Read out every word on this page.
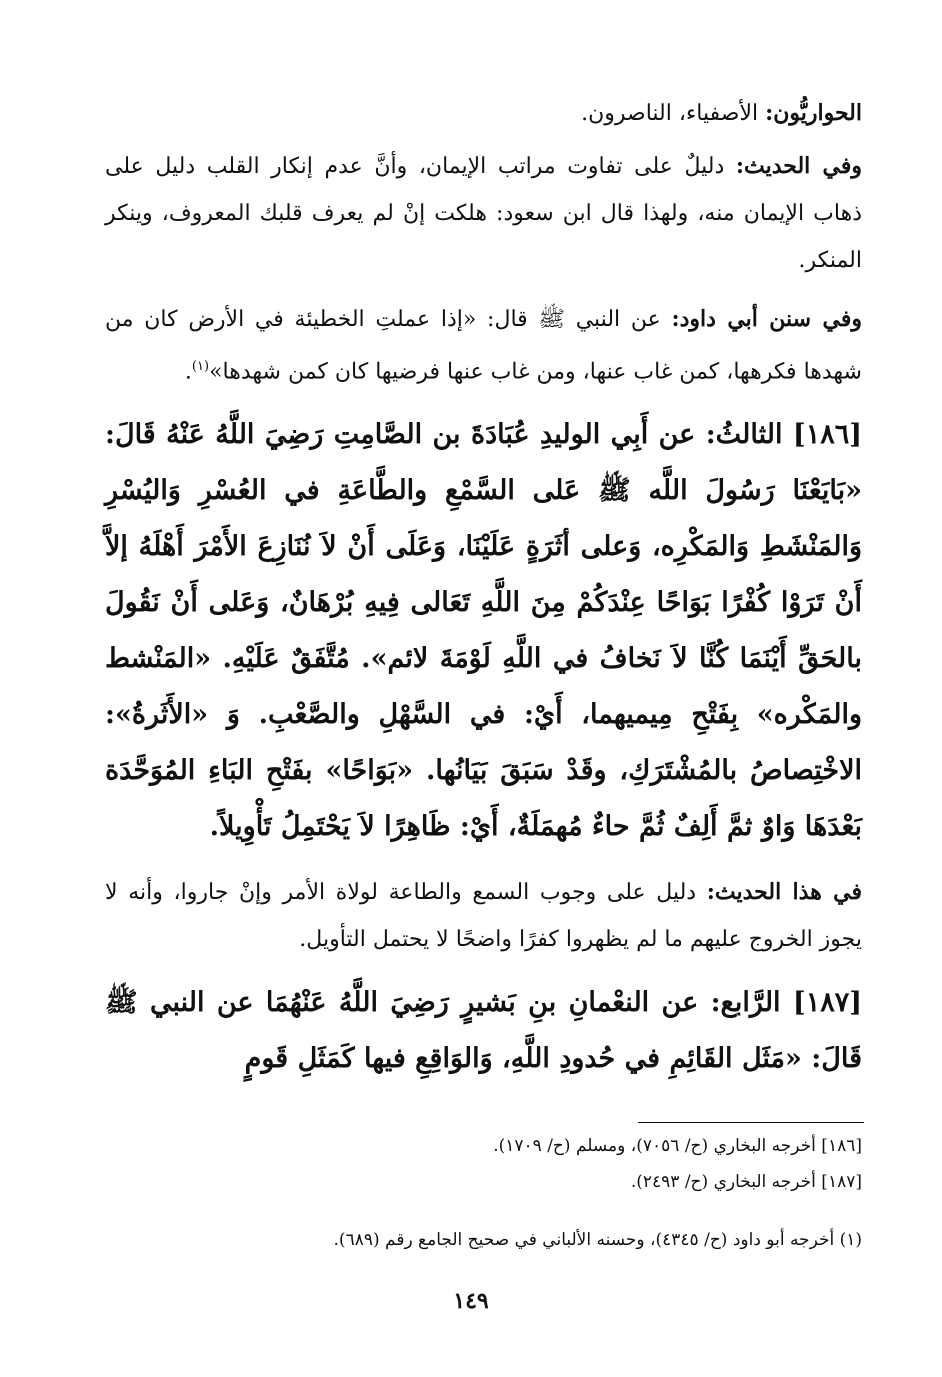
الحواريُّون: الأصفياء، الناصرون.

وفي الحديث: دليلٌ على تفاوت مراتب الإيمان، وأنَّ عدم إنكار القلب دليل على ذهاب الإيمان منه، ولهذا قال ابن سعود: هلكت إنْ لم يعرف قلبك المعروف، وينكر المنكر.

وفي سنن أبي داود: عن النبي ﷺ قال: «إذا عملتِ الخطيئة في الأرض كان من شهدها فكرهها، كمن غاب عنها، ومن غاب عنها فرضيها كان كمن شهدها»$^{(١)}$.

[١٨٦] الثالثُ: عن أَبِي الوليدِ عُبَادَةَ بن الصَّامِتِ رَضِيَ اللَّهُ عَنْهُ قَالَ: «بَايَعْنَا رَسُولَ اللَّه ﷺ عَلى السَّمْعِ والطَّاعَةِ في العُسْرِ وَاليُسْرِ وَالمَنْشَطِ وَالمَكْرِه، وَعلى أثَرَةٍ عَلَيْنَا، وَعَلَى أَنْ لاَ نُنَازِعَ الأَمْرَ أَهْلَهُ إلاَّ أَنْ تَرَوْا كُفْرًا بَوَاحًا عِنْدَكُمْ مِنَ اللَّهِ تَعَالى فِيهِ بُرْهَانٌ، وَعَلى أَنْ نَقُولَ بالحَقِّ أَيْنَمَا كُنَّا لاَ نَخافُ في اللَّهِ لَوْمَةَ لائم». مُتَّفَقٌ عَلَيْهِ. «المَنْشط والمَكْره» بِفَتْحِ مِيميهما، أَيْ: في السَّهْلِ والصَّعْبِ. وَ «الأَثَرةُ»: الاخْتِصاصُ بالمُشْتَرَكِ، وقَدْ سَبَقَ بَيَانُها. «بَوَاحًا» بفَتْحِ البَاءِ المُوَحَّدَة بَعْدَهَا وَاوٌ ثمَّ أَلِفٌ ثُمَّ حاءٌ مُهمَلَةٌ، أَيْ: ظَاهِرًا لاَ يَحْتَمِلُ تَأْوِيلاً.

في هذا الحديث: دليل على وجوب السمع والطاعة لولاة الأمر وإنْ جاروا، وأنه لا يجوز الخروج عليهم ما لم يظهروا كفرًا واضحًا لا يحتمل التأويل.

[١٨٧] الرَّابع: عن النعْمانِ بنِ بَشيرٍ رَضِيَ اللَّهُ عَنْهُمَا عن النبي ﷺ قَالَ: «مَثَل القَائِمِ في حُدودِ اللَّهِ، وَالوَاقِعِ فيها كَمَثَلِ قَومٍ

[١٨٦] أخرجه البخاري (ح/ ٧٠٥٦)، ومسلم (ح/ ١٧٠٩).

[١٨٧] أخرجه البخاري (ح/ ٢٤٩٣).

(١) أخرجه أبو داود (ح/ ٤٣٤٥)، وحسنه الألباني في صحيح الجامع رقم (٦٨٩).

١٤٩
